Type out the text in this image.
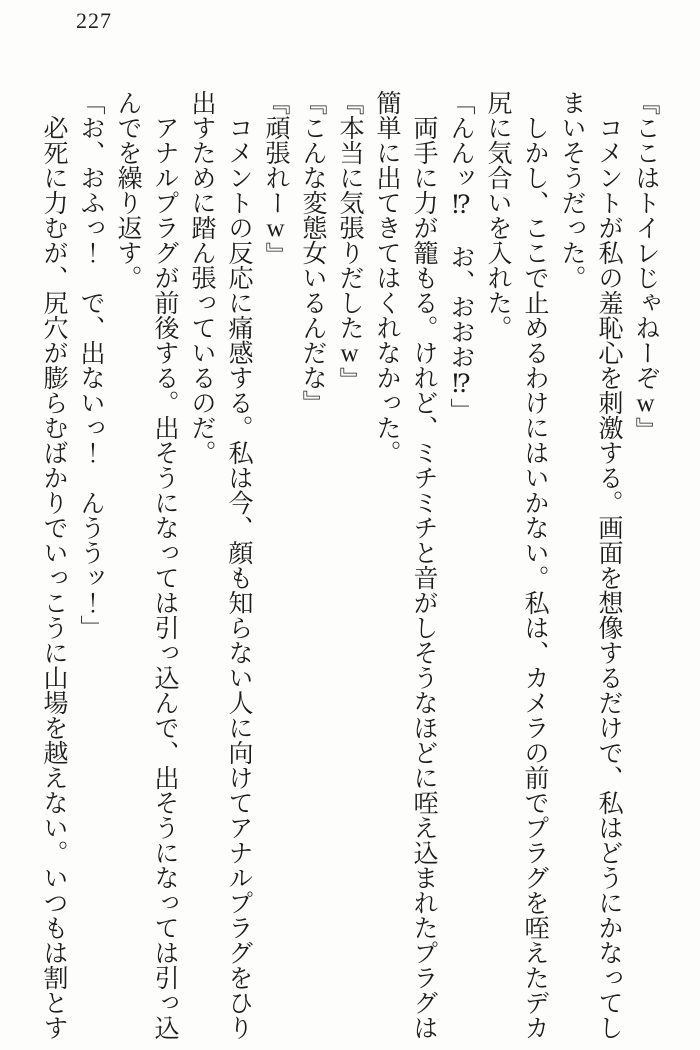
227
『ここはトイレじゃねーぞw』
コメントが私の羞恥心を刺激する。画面を想像するだけで、私はどうにかなってし
まいそうだった。
しかし、ここで止めるわけにはいかない。私は、カメラの前でプラグを咥えたデカ
尻に気合いを入れた。
「んんッ⁉　お、おおお⁉」
両手に力が籠もる。けれど、ミチミチと音がしそうなほどに咥え込まれたプラグは
簡単に出てきてはくれなかった。
『本当に気張りだしたw』
『こんな変態女いるんだな』
『頑張れーw』
コメントの反応に痛感する。私は今、顔も知らない人に向けてアナルプラグをひり
出すために踏ん張っているのだ。
アナルプラグが前後する。出そうになっては引っ込んで、出そうになっては引っ込
んでを繰り返す。
「お、おふっ！　で、出ないっ！　んううッ！」
必死に力むが、尻穴が膨らむばかりでいっこうに山場を越えない。いつもは割とす
